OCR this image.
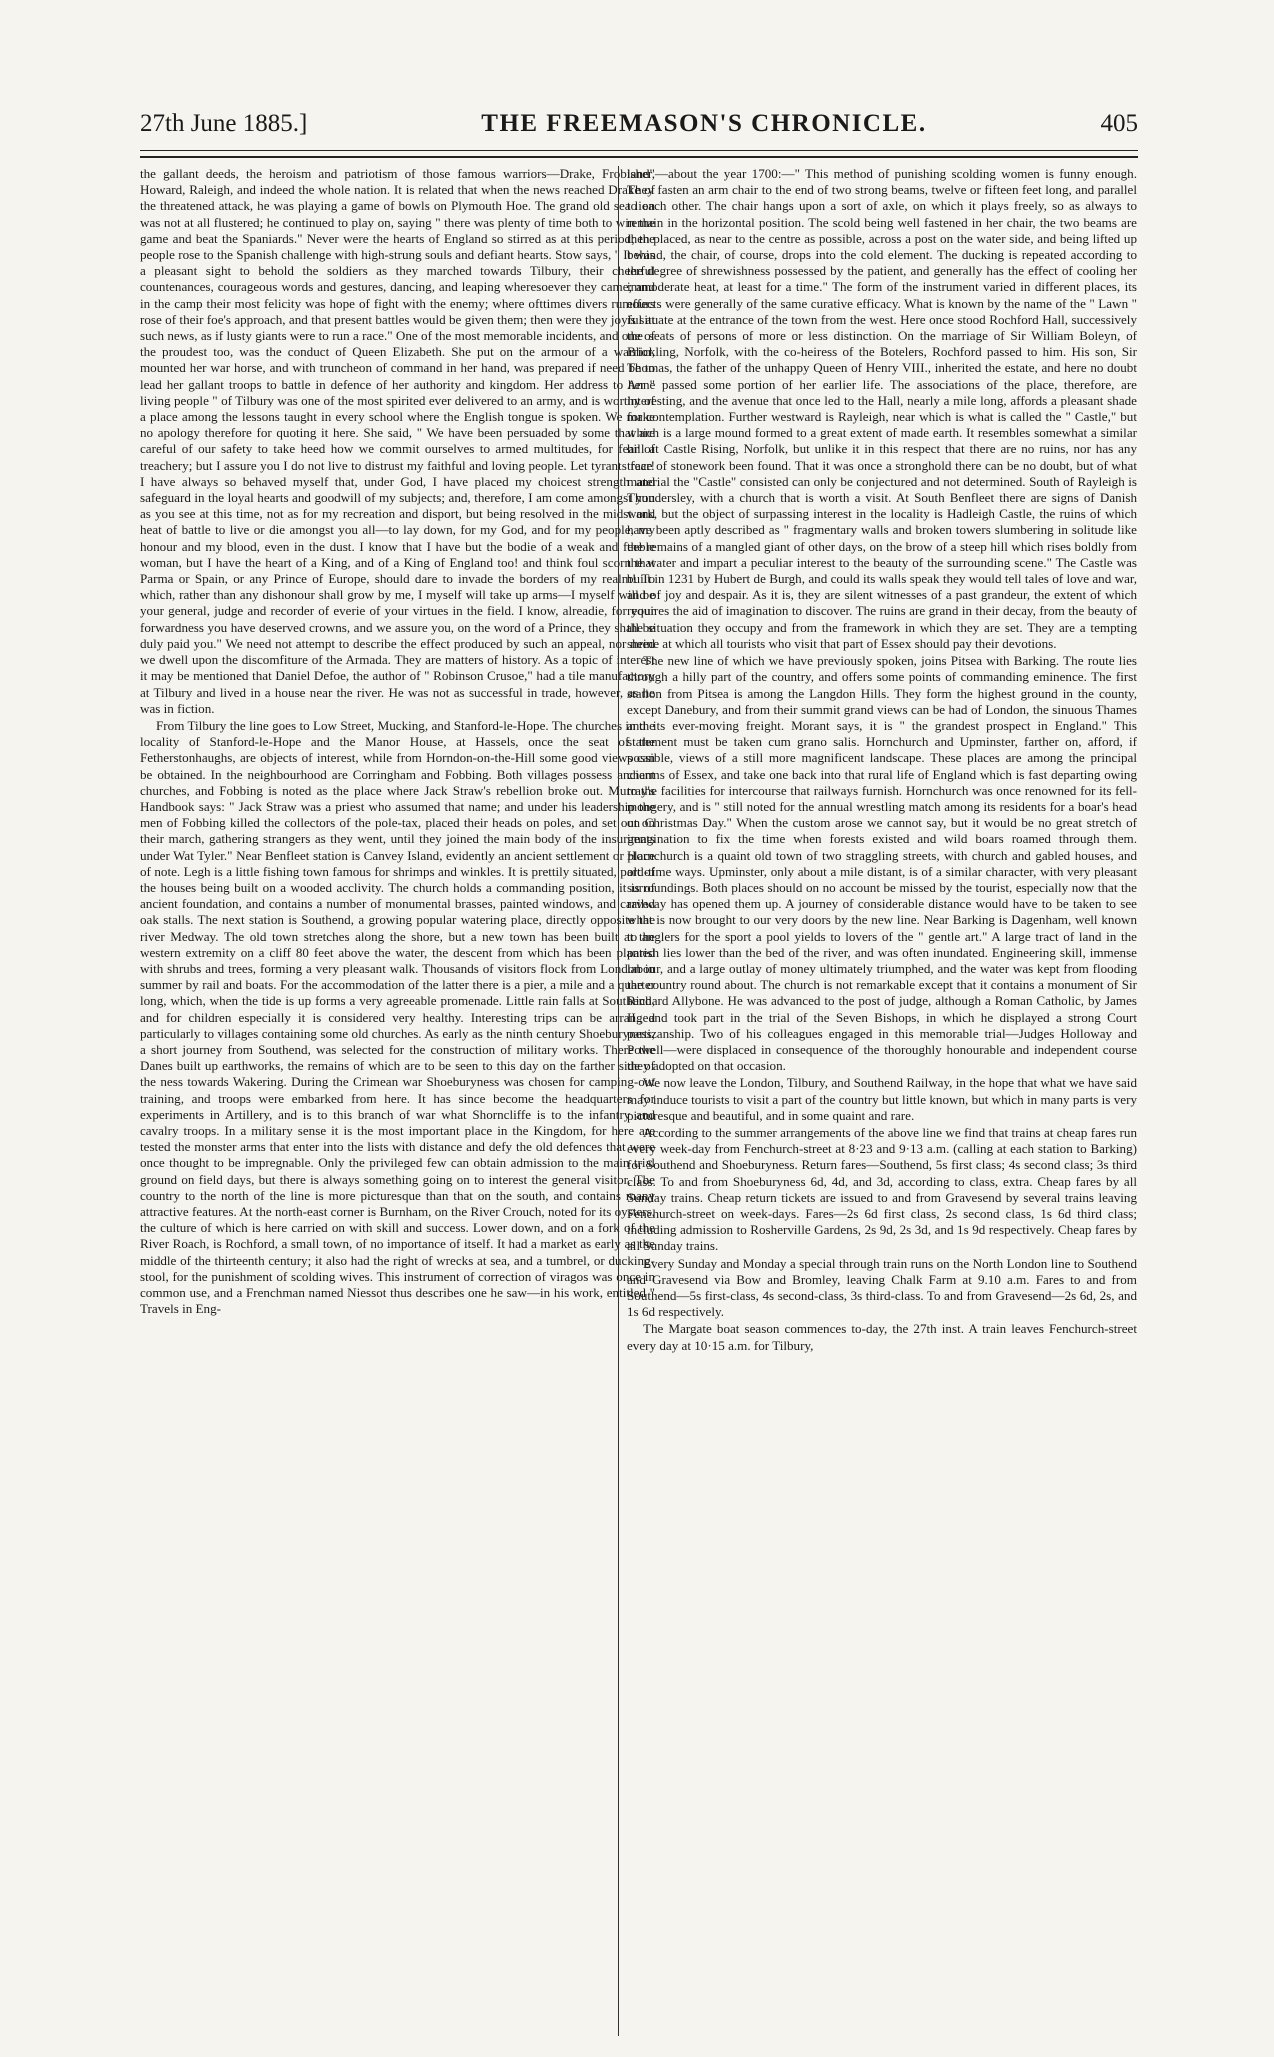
27th June 1885.]	THE FREEMASON'S CHRONICLE.	405

the gallant deeds, the heroism and patriotism of those famous warriors—Drake, Frobisher, Howard, Raleigh, and indeed the whole nation. It is related that when the news reached Drake of the threatened attack, he was playing a game of bowls on Plymouth Hoe. The grand old sea lion was not at all flustered; he continued to play on, saying " there was plenty of time both to win the game and beat the Spaniards." Never were the hearts of England so stirred as at this period; the people rose to the Spanish challenge with high-strung souls and defiant hearts. Stow says, " It was a pleasant sight to behold the soldiers as they marched towards Tilbury, their cheerful countenances, courageous words and gestures, dancing, and leaping wheresoever they came; and in the camp their most felicity was hope of fight with the enemy; where ofttimes divers rumours rose of their foe's approach, and that present battles would be given them; then were they joyful at such news, as if lusty giants were to run a race." One of the most memorable incidents, and one of the proudest too, was the conduct of Queen Elizabeth. She put on the armour of a warrior, mounted her war horse, and with truncheon of command in her hand, was prepared if need be to lead her gallant troops to battle in defence of her authority and kingdom. Her address to her " living people " of Tilbury was one of the most spirited ever delivered to an army, and is worthy of a place among the lessons taught in every school where the English tongue is spoken. We make no apology therefore for quoting it here. She said, " We have been persuaded by some that are careful of our safety to take heed how we commit ourselves to armed multitudes, for fear of treachery; but I assure you I do not live to distrust my faithful and loving people. Let tyrants fear! I have always so behaved myself that, under God, I have placed my choicest strength and safeguard in the loyal hearts and goodwill of my subjects; and, therefore, I am come amongst you as you see at this time, not as for my recreation and disport, but being resolved in the midst and heat of battle to live or die amongst you all—to lay down, for my God, and for my people, my honour and my blood, even in the dust. I know that I have but the bodie of a weak and feeble woman, but I have the heart of a King, and of a King of England too! and think foul scorn that Parma or Spain, or any Prince of Europe, should dare to invade the borders of my realm! To which, rather than any dishonour shall grow by me, I myself will take up arms—I myself will be your general, judge and recorder of everie of your virtues in the field. I know, alreadie, for your forwardness you have deserved crowns, and we assure you, on the word of a Prince, they shall be duly paid you." We need not attempt to describe the effect produced by such an appeal, nor need we dwell upon the discomfiture of the Armada. They are matters of history. As a topic of interest it may be mentioned that Daniel Defoe, the author of " Robinson Crusoe," had a tile manufactory at Tilbury and lived in a house near the river. He was not as successful in trade, however, as he was in fiction.

From Tilbury the line goes to Low Street, Mucking, and Stanford-le-Hope. The churches in the locality of Stanford-le-Hope and the Manor House, at Hassels, once the seat of the Fetherstonhaughs, are objects of interest, while from Horndon-on-the-Hill some good views can be obtained. In the neighbourhood are Corringham and Fobbing. Both villages possess ancient churches, and Fobbing is noted as the place where Jack Straw's rebellion broke out. Murray's Handbook says: " Jack Straw was a priest who assumed that name; and under his leadership the men of Fobbing killed the collectors of the pole-tax, placed their heads on poles, and set out on their march, gathering strangers as they went, until they joined the main body of the insurgents under Wat Tyler." Near Benfleet station is Canvey Island, evidently an ancient settlement or place of note. Legh is a little fishing town famous for shrimps and winkles. It is prettily situated, part of the houses being built on a wooded acclivity. The church holds a commanding position, it is of ancient foundation, and contains a number of monumental brasses, painted windows, and carved oak stalls. The next station is Southend, a growing popular watering place, directly opposite the river Medway. The old town stretches along the shore, but a new town has been built at the western extremity on a cliff 80 feet above the water, the descent from which has been planted with shrubs and trees, forming a very pleasant walk. Thousands of visitors flock from London in summer by rail and boats. For the accommodation of the latter there is a pier, a mile and a quarter long, which, when the tide is up forms a very agreeable promenade. Little rain falls at Southend, and for children especially it is considered very healthy. Interesting trips can be arranged particularly to villages containing some old churches. As early as the ninth century Shoeburyness, a short journey from Southend, was selected for the construction of military works. There the Danes built up earthworks, the remains of which are to be seen to this day on the farther side of the ness towards Wakering. During the Crimean war Shoeburyness was chosen for camping-out training, and troops were embarked from here. It has since become the headquarters for experiments in Artillery, and is to this branch of war what Shorncliffe is to the infantry and cavalry troops. In a military sense it is the most important place in the Kingdom, for here are tested the monster arms that enter into the lists with distance and defy the old defences that were once thought to be impregnable. Only the privileged few can obtain admission to the main trial ground on field days, but there is always something going on to interest the general visitor. The country to the north of the line is more picturesque than that on the south, and contains many attractive features. At the north-east corner is Burnham, on the River Crouch, noted for its oysters, the culture of which is here carried on with skill and success. Lower down, and on a fork of the River Roach, is Rochford, a small town, of no importance of itself. It had a market as early as the middle of the thirteenth century; it also had the right of wrecks at sea, and a tumbrel, or ducking-stool, for the punishment of scolding wives. This instrument of correction of viragos was once in common use, and a Frenchman named Niessot thus describes one he saw—in his work, entitled " Travels in Eng-

land"—about the year 1700:—" This method of punishing scolding women is funny enough. They fasten an arm chair to the end of two strong beams, twelve or fifteen feet long, and parallel to each other. The chair hangs upon a sort of axle, on which it plays freely, so as always to remain in the horizontal position. The scold being well fastened in her chair, the two beams are then placed, as near to the centre as possible, across a post on the water side, and being lifted up behind, the chair, of course, drops into the cold element. The ducking is repeated according to the degree of shrewishness possessed by the patient, and generally has the effect of cooling her immoderate heat, at least for a time." The form of the instrument varied in different places, its effects were generally of the same curative efficacy. What is known by the name of the " Lawn " is situate at the entrance of the town from the west. Here once stood Rochford Hall, successively the seats of persons of more or less distinction. On the marriage of Sir William Boleyn, of Blickling, Norfolk, with the co-heiress of the Botelers, Rochford passed to him. His son, Sir Thomas, the father of the unhappy Queen of Henry VIII., inherited the estate, and here no doubt Anne passed some portion of her earlier life. The associations of the place, therefore, are interesting, and the avenue that once led to the Hall, nearly a mile long, affords a pleasant shade for contemplation. Further westward is Rayleigh, near which is what is called the " Castle," but which is a large mound formed to a great extent of made earth. It resembles somewhat a similar hill at Castle Rising, Norfolk, but unlike it in this respect that there are no ruins, nor has any trace of stonework been found. That it was once a stronghold there can be no doubt, but of what material the "Castle" consisted can only be conjectured and not determined. South of Rayleigh is Thundersley, with a church that is worth a visit. At South Benfleet there are signs of Danish work, but the object of surpassing interest in the locality is Hadleigh Castle, the ruins of which have been aptly described as " fragmentary walls and broken towers slumbering in solitude like the remains of a mangled giant of other days, on the brow of a steep hill which rises boldly from the water and impart a peculiar interest to the beauty of the surrounding scene." The Castle was built in 1231 by Hubert de Burgh, and could its walls speak they would tell tales of love and war, and of joy and despair. As it is, they are silent witnesses of a past grandeur, the extent of which requires the aid of imagination to discover. The ruins are grand in their decay, from the beauty of the situation they occupy and from the framework in which they are set. They are a tempting shrine at which all tourists who visit that part of Essex should pay their devotions.

The new line of which we have previously spoken, joins Pitsea with Barking. The route lies through a hilly part of the country, and offers some points of commanding eminence. The first station from Pitsea is among the Langdon Hills. They form the highest ground in the county, except Danebury, and from their summit grand views can be had of London, the sinuous Thames and its ever-moving freight. Morant says, it is " the grandest prospect in England." This statement must be taken cum grano salis. Hornchurch and Upminster, farther on, afford, if possible, views of a still more magnificent landscape. These places are among the principal charms of Essex, and take one back into that rural life of England which is fast departing owing to the facilities for intercourse that railways furnish. Hornchurch was once renowned for its fell-mongery, and is " still noted for the annual wrestling match among its residents for a boar's head on Christmas Day." When the custom arose we cannot say, but it would be no great stretch of imagination to fix the time when forests existed and wild boars roamed through them. Hornchurch is a quaint old town of two straggling streets, with church and gabled houses, and old-time ways. Upminster, only about a mile distant, is of a similar character, with very pleasant surroundings. Both places should on no account be missed by the tourist, especially now that the railway has opened them up. A journey of considerable distance would have to be taken to see what is now brought to our very doors by the new line. Near Barking is Dagenham, well known to anglers for the sport a pool yields to lovers of the " gentle art." A large tract of land in the parish lies lower than the bed of the river, and was often inundated. Engineering skill, immense labour, and a large outlay of money ultimately triumphed, and the water was kept from flooding the country round about. The church is not remarkable except that it contains a monument of Sir Richard Allybone. He was advanced to the post of judge, although a Roman Catholic, by James II., and took part in the trial of the Seven Bishops, in which he displayed a strong Court partizanship. Two of his colleagues engaged in this memorable trial—Judges Holloway and Powell—were displaced in consequence of the thoroughly honourable and independent course they adopted on that occasion.

We now leave the London, Tilbury, and Southend Railway, in the hope that what we have said may induce tourists to visit a part of the country but little known, but which in many parts is very picturesque and beautiful, and in some quaint and rare.

According to the summer arrangements of the above line we find that trains at cheap fares run every week-day from Fenchurch-street at 8·23 and 9·13 a.m. (calling at each station to Barking) for Southend and Shoeburyness. Return fares—Southend, 5s first class; 4s second class; 3s third class. To and from Shoeburyness 6d, 4d, and 3d, according to class, extra. Cheap fares by all Sunday trains. Cheap return tickets are issued to and from Gravesend by several trains leaving Fenchurch-street on week-days. Fares—2s 6d first class, 2s second class, 1s 6d third class; including admission to Rosherville Gardens, 2s 9d, 2s 3d, and 1s 9d respectively. Cheap fares by all Sunday trains.

Every Sunday and Monday a special through train runs on the North London line to Southend and Gravesend via Bow and Bromley, leaving Chalk Farm at 9.10 a.m. Fares to and from Southend—5s first-class, 4s second-class, 3s third-class. To and from Gravesend—2s 6d, 2s, and 1s 6d respectively.

The Margate boat season commences to-day, the 27th inst. A train leaves Fenchurch-street every day at 10·15 a.m. for Tilbury,
